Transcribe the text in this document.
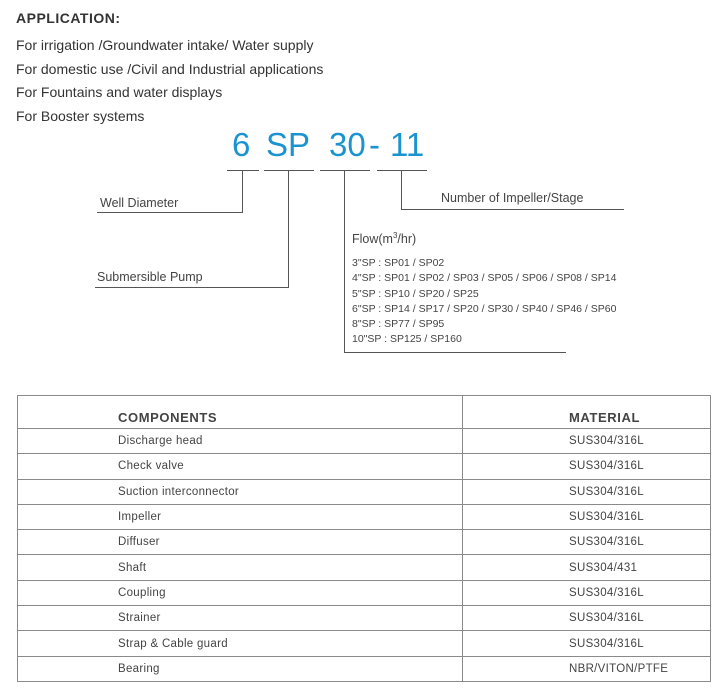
APPLICATION:
For irrigation /Groundwater intake/ Water supply
For domestic use /Civil and Industrial applications
For Fountains and water displays
For Booster systems
6 SP 30 - 11
Well Diameter
Submersible Pump
Number of Impeller/Stage
$Flow(m^3/hr)$
3"SP : SP01 / SP02
4"SP : SP01 / SP02 / SP03 / SP05 / SP06 / SP08 / SP14
5"SP : SP10 / SP20 / SP25
6"SP : SP14 / SP17 / SP20 / SP30 / SP40 / SP46 / SP60
8"SP : SP77 / SP95
10"SP : SP125 / SP160
COMPONENTS	MATERIAL
Discharge head	SUS304/316L
Check valve	SUS304/316L
Suction interconnector	SUS304/316L
Impeller	SUS304/316L
Diffuser	SUS304/316L
Shaft	SUS304/431
Coupling	SUS304/316L
Strainer	SUS304/316L
Strap & Cable guard	SUS304/316L
Bearing	NBR/VITON/PTFE
